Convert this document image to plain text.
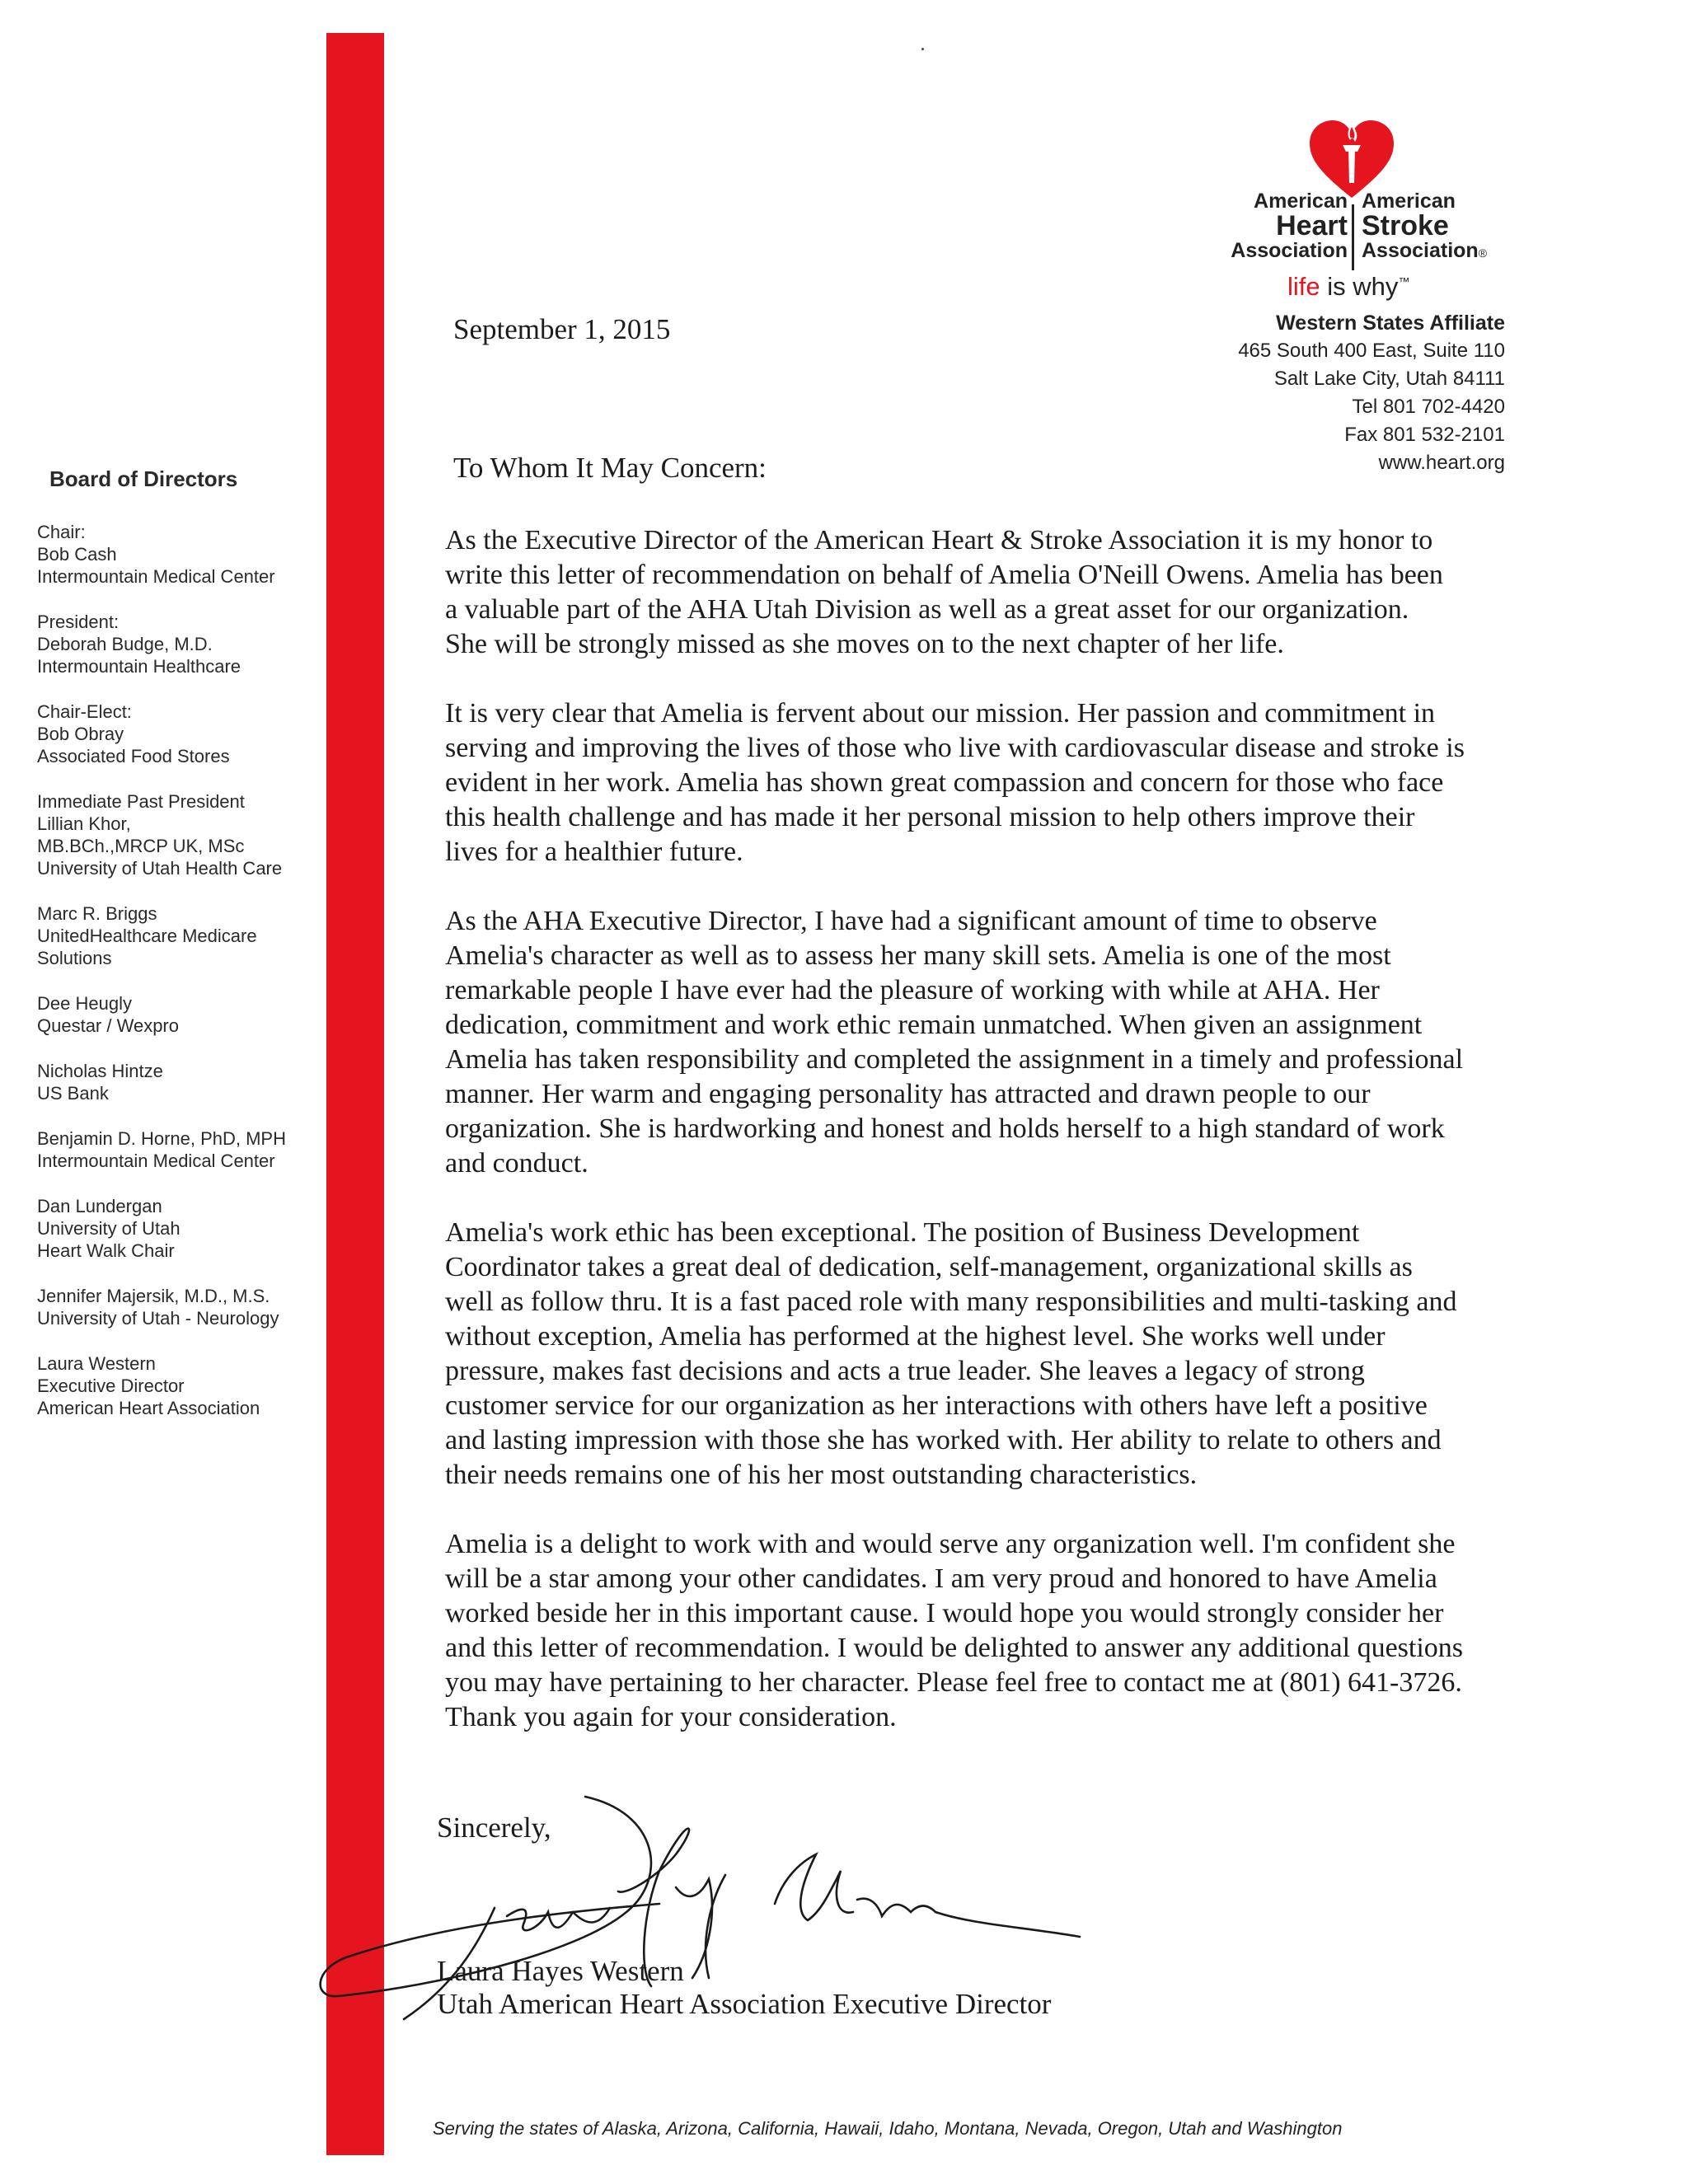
Board of Directors
Chair:
Bob Cash
Intermountain Medical Center
President:
Deborah Budge, M.D.
Intermountain Healthcare
Chair-Elect:
Bob Obray
Associated Food Stores
Immediate Past President
Lillian Khor,
MB.BCh.,MRCP UK, MSc
University of Utah Health Care
Marc R. Briggs
UnitedHealthcare Medicare
Solutions
Dee Heugly
Questar / Wexpro
Nicholas Hintze
US Bank
Benjamin D. Horne, PhD, MPH
Intermountain Medical Center
Dan Lundergan
University of Utah
Heart Walk Chair
Jennifer Majersik, M.D., M.S.
University of Utah - Neurology
Laura Western
Executive Director
American Heart Association
American
Heart
Association
American
Stroke
Association®
life is why™
Western States Affiliate
465 South 400 East, Suite 110
Salt Lake City, Utah 84111
Tel 801 702-4420
Fax 801 532-2101
www.heart.org
September 1, 2015
To Whom It May Concern:
As the Executive Director of the American Heart & Stroke Association it is my honor to
write this letter of recommendation on behalf of Amelia O'Neill Owens. Amelia has been
a valuable part of the AHA Utah Division as well as a great asset for our organization.
She will be strongly missed as she moves on to the next chapter of her life.
It is very clear that Amelia is fervent about our mission. Her passion and commitment in
serving and improving the lives of those who live with cardiovascular disease and stroke is
evident in her work. Amelia has shown great compassion and concern for those who face
this health challenge and has made it her personal mission to help others improve their
lives for a healthier future.
As the AHA Executive Director, I have had a significant amount of time to observe
Amelia's character as well as to assess her many skill sets. Amelia is one of the most
remarkable people I have ever had the pleasure of working with while at AHA. Her
dedication, commitment and work ethic remain unmatched. When given an assignment
Amelia has taken responsibility and completed the assignment in a timely and professional
manner. Her warm and engaging personality has attracted and drawn people to our
organization. She is hardworking and honest and holds herself to a high standard of work
and conduct.
Amelia's work ethic has been exceptional. The position of Business Development
Coordinator takes a great deal of dedication, self-management, organizational skills as
well as follow thru. It is a fast paced role with many responsibilities and multi-tasking and
without exception, Amelia has performed at the highest level. She works well under
pressure, makes fast decisions and acts a true leader. She leaves a legacy of strong
customer service for our organization as her interactions with others have left a positive
and lasting impression with those she has worked with. Her ability to relate to others and
their needs remains one of his her most outstanding characteristics.
Amelia is a delight to work with and would serve any organization well. I'm confident she
will be a star among your other candidates. I am very proud and honored to have Amelia
worked beside her in this important cause. I would hope you would strongly consider her
and this letter of recommendation. I would be delighted to answer any additional questions
you may have pertaining to her character. Please feel free to contact me at (801) 641-3726.
Thank you again for your consideration.
Sincerely,
Laura Hayes Western
Utah American Heart Association Executive Director
Serving the states of Alaska, Arizona, California, Hawaii, Idaho, Montana, Nevada, Oregon, Utah and Washington
